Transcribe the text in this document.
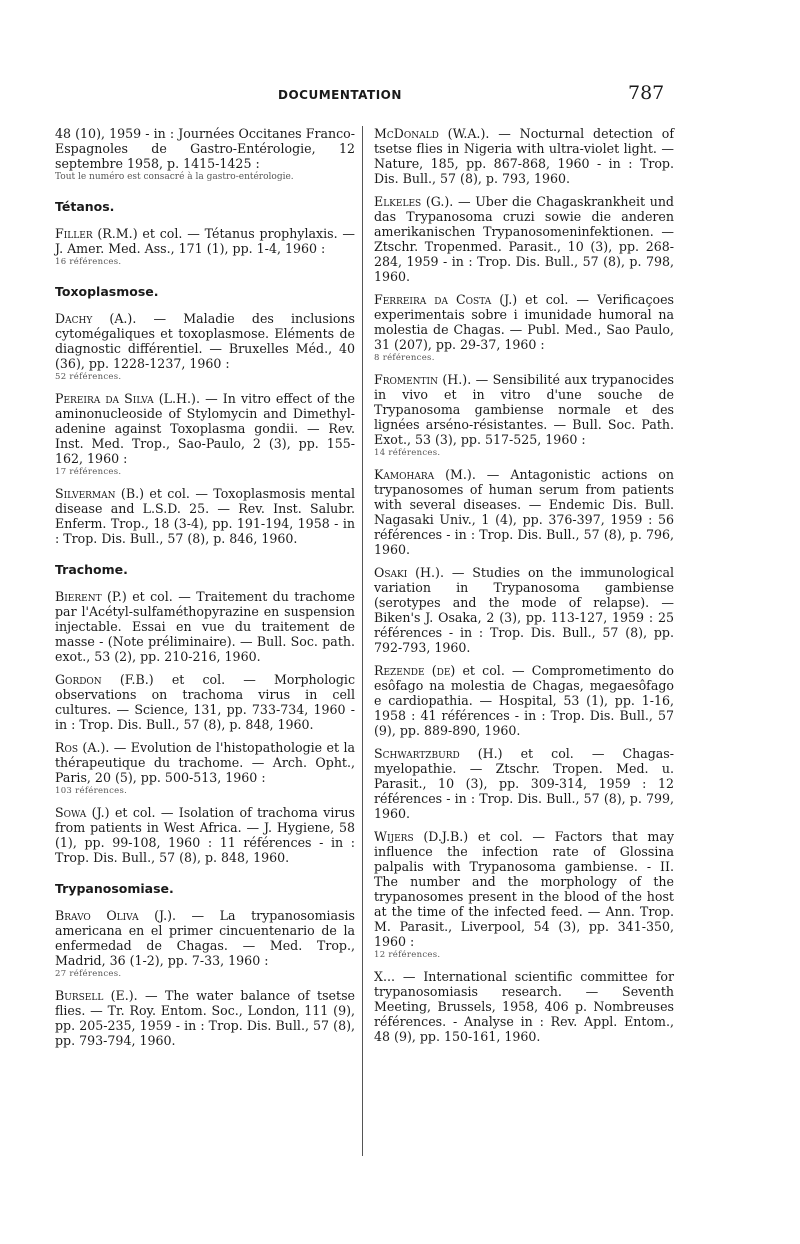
DOCUMENTATION	787

48 (10), 1959 - in : Journées Occitanes Franco-Espagnoles de Gastro-Entérologie, 12 septembre 1958, p. 1415-1425 :
Tout le numéro est consacré à la gastro-entérologie.

Tétanos.

Filler (R.M.) et col. — Tétanus prophylaxis. — J. Amer. Med. Ass., 171 (1), pp. 1-4, 1960 :
16 références.

Toxoplasmose.

Dachy (A.). — Maladie des inclusions cytomégaliques et toxoplasmose. Eléments de diagnostic différentiel. — Bruxelles Méd., 40 (36), pp. 1228-1237, 1960 :
52 références.

Pereira da Silva (L.H.). — In vitro effect of the aminonucleoside of Stylomycin and Dimethyl-adenine against Toxoplasma gondii. — Rev. Inst. Med. Trop., Sao-Paulo, 2 (3), pp. 155-162, 1960 :
17 références.

Silverman (B.) et col. — Toxoplasmosis mental disease and L.S.D. 25. — Rev. Inst. Salubr. Enferm. Trop., 18 (3-4), pp. 191-194, 1958 - in : Trop. Dis. Bull., 57 (8), p. 846, 1960.

Trachome.

Bierent (P.) et col. — Traitement du trachome par l'Acétyl-sulfaméthopyrazine en suspension injectable. Essai en vue du traitement de masse - (Note préliminaire). — Bull. Soc. path. exot., 53 (2), pp. 210-216, 1960.

Gordon (F.B.) et col. — Morphologic observations on trachoma virus in cell cultures. — Science, 131, pp. 733-734, 1960 - in : Trop. Dis. Bull., 57 (8), p. 848, 1960.

Ros (A.). — Evolution de l'histopathologie et la thérapeutique du trachome. — Arch. Opht., Paris, 20 (5), pp. 500-513, 1960 :
103 références.

Sowa (J.) et col. — Isolation of trachoma virus from patients in West Africa. — J. Hygiene, 58 (1), pp. 99-108, 1960 : 11 références - in : Trop. Dis. Bull., 57 (8), p. 848, 1960.

Trypanosomiase.

Bravo Oliva (J.). — La trypanosomiasis americana en el primer cincuentenario de la enfermedad de Chagas. — Med. Trop., Madrid, 36 (1-2), pp. 7-33, 1960 :
27 références.

Bursell (E.). — The water balance of tsetse flies. — Tr. Roy. Entom. Soc., London, 111 (9), pp. 205-235, 1959 - in : Trop. Dis. Bull., 57 (8), pp. 793-794, 1960.

McDonald (W.A.). — Nocturnal detection of tsetse flies in Nigeria with ultra-violet light. — Nature, 185, pp. 867-868, 1960 - in : Trop. Dis. Bull., 57 (8), p. 793, 1960.

Elkeles (G.). — Uber die Chagaskrankheit und das Trypanosoma cruzi sowie die anderen amerikanischen Trypanosomeninfektionen. — Ztschr. Tropenmed. Parasit., 10 (3), pp. 268-284, 1959 - in : Trop. Dis. Bull., 57 (8), p. 798, 1960.

Ferreira da Costa (J.) et col. — Verificaçoes experimentais sobre i imunidade humoral na molestia de Chagas. — Publ. Med., Sao Paulo, 31 (207), pp. 29-37, 1960 :
8 références.

Fromentin (H.). — Sensibilité aux trypanocides in vivo et in vitro d'une souche de Trypanosoma gambiense normale et des lignées arséno-résistantes. — Bull. Soc. Path. Exot., 53 (3), pp. 517-525, 1960 :
14 références.

Kamohara (M.). — Antagonistic actions on trypanosomes of human serum from patients with several diseases. — Endemic Dis. Bull. Nagasaki Univ., 1 (4), pp. 376-397, 1959 : 56 références - in : Trop. Dis. Bull., 57 (8), p. 796, 1960.

Osaki (H.). — Studies on the immunological variation in Trypanosoma gambiense (serotypes and the mode of relapse). — Biken's J. Osaka, 2 (3), pp. 113-127, 1959 : 25 références - in : Trop. Dis. Bull., 57 (8), pp. 792-793, 1960.

Rezende (de) et col. — Comprometimento do esôfago na molestia de Chagas, megaesôfago e cardiopathia. — Hospital, 53 (1), pp. 1-16, 1958 : 41 références - in : Trop. Dis. Bull., 57 (9), pp. 889-890, 1960.

Schwartzburd (H.) et col. — Chagas-myelopathie. — Ztschr. Tropen. Med. u. Parasit., 10 (3), pp. 309-314, 1959 : 12 références - in : Trop. Dis. Bull., 57 (8), p. 799, 1960.

Wijers (D.J.B.) et col. — Factors that may influence the infection rate of Glossina palpalis with Trypanosoma gambiense. - II. The number and the morphology of the trypanosomes present in the blood of the host at the time of the infected feed. — Ann. Trop. M. Parasit., Liverpool, 54 (3), pp. 341-350, 1960 :
12 références.

X... — International scientific committee for trypanosomiasis research. — Seventh Meeting, Brussels, 1958, 406 p. Nombreuses références. - Analyse in : Rev. Appl. Entom., 48 (9), pp. 150-161, 1960.
